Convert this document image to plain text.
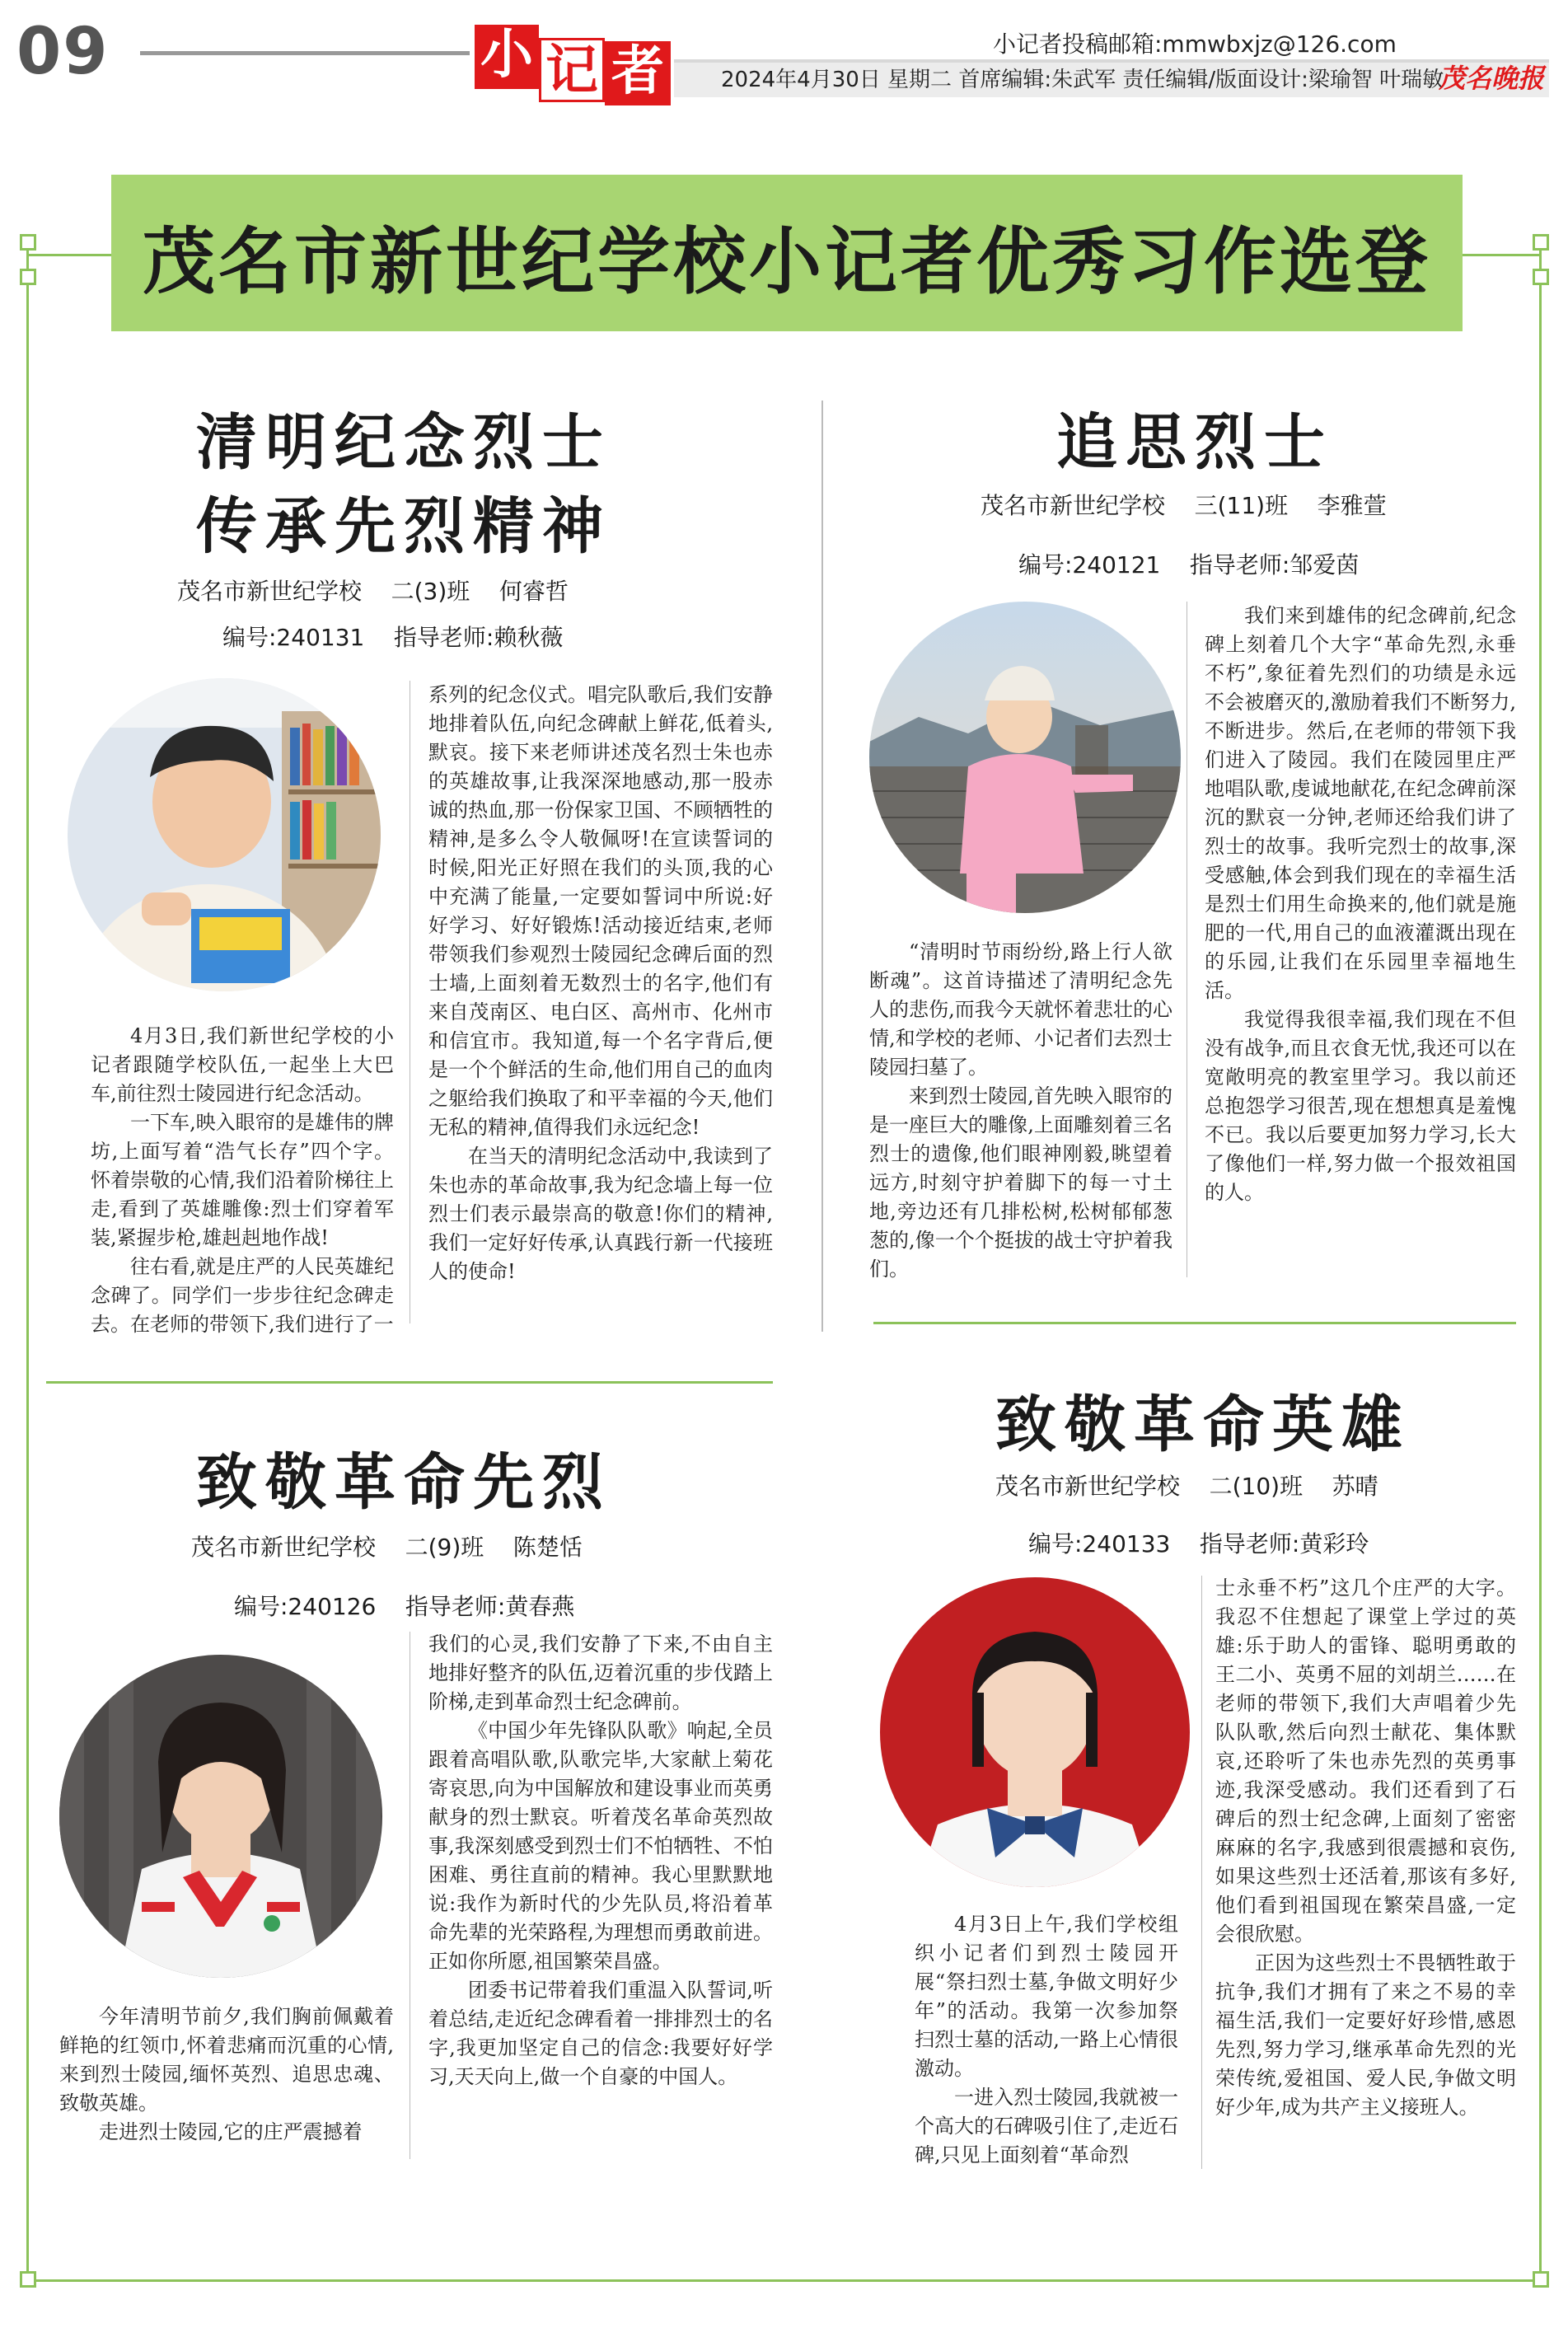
09	小 记 者	小记者投稿邮箱:mmwbxjz@126.com
2024年4月30日 星期二 首席编辑:朱武军 责任编辑/版面设计:梁瑜智 叶瑞敏
茂名晚报
茂名市新世纪学校小记者优秀习作选登
清明纪念烈士
传承先烈精神
茂名市新世纪学校    二(3)班    何睿哲
编号:240131    指导老师:赖秋薇

4月3日,我们新世纪学校的小记者跟随学校队伍,一起坐上大巴车,前往烈士陵园进行纪念活动。

一下车,映入眼帘的是雄伟的牌坊,上面写着“浩气长存”四个字。怀着崇敬的心情,我们沿着阶梯往上走,看到了英雄雕像:烈士们穿着军装,紧握步枪,雄赳赳地作战!

往右看,就是庄严的人民英雄纪念碑了。同学们一步步往纪念碑走去。在老师的带领下,我们进行了一

系列的纪念仪式。唱完队歌后,我们安静地排着队伍,向纪念碑献上鲜花,低着头,默哀。接下来老师讲述茂名烈士朱也赤的英雄故事,让我深深地感动,那一股赤诚的热血,那一份保家卫国、不顾牺牲的精神,是多么令人敬佩呀!在宣读誓词的时候,阳光正好照在我们的头顶,我的心中充满了能量,一定要如誓词中所说:好好学习、好好锻炼!活动接近结束,老师带领我们参观烈士陵园纪念碑后面的烈士墙,上面刻着无数烈士的名字,他们有来自茂南区、电白区、高州市、化州市和信宜市。我知道,每一个名字背后,便是一个个鲜活的生命,他们用自己的血肉之躯给我们换取了和平幸福的今天,他们无私的精神,值得我们永远纪念!

在当天的清明纪念活动中,我读到了朱也赤的革命故事,我为纪念墙上每一位烈士们表示最崇高的敬意!你们的精神,我们一定好好传承,认真践行新一代接班人的使命!

追思烈士
茂名市新世纪学校    三(11)班    李雅萱
编号:240121    指导老师:邹爱茵

“清明时节雨纷纷,路上行人欲断魂”。这首诗描述了清明纪念先人的悲伤,而我今天就怀着悲壮的心情,和学校的老师、小记者们去烈士陵园扫墓了。

来到烈士陵园,首先映入眼帘的是一座巨大的雕像,上面雕刻着三名烈士的遗像,他们眼神刚毅,眺望着远方,时刻守护着脚下的每一寸土地,旁边还有几排松树,松树郁郁葱葱的,像一个个挺拔的战士守护着我们。

我们来到雄伟的纪念碑前,纪念碑上刻着几个大字“革命先烈,永垂不朽”,象征着先烈们的功绩是永远不会被磨灭的,激励着我们不断努力,不断进步。然后,在老师的带领下我们进入了陵园。我们在陵园里庄严地唱队歌,虔诚地献花,在纪念碑前深沉的默哀一分钟,老师还给我们讲了烈士的故事。我听完烈士的故事,深受感触,体会到我们现在的幸福生活是烈士们用生命换来的,他们就是施肥的一代,用自己的血液灌溉出现在的乐园,让我们在乐园里幸福地生活。

我觉得我很幸福,我们现在不但没有战争,而且衣食无忧,我还可以在宽敞明亮的教室里学习。我以前还总抱怨学习很苦,现在想想真是羞愧不已。我以后要更加努力学习,长大了像他们一样,努力做一个报效祖国的人。

致敬革命先烈
茂名市新世纪学校    二(9)班    陈楚恬
编号:240126    指导老师:黄春燕

今年清明节前夕,我们胸前佩戴着鲜艳的红领巾,怀着悲痛而沉重的心情,来到烈士陵园,缅怀英烈、追思忠魂、致敬英雄。

走进烈士陵园,它的庄严震撼着

我们的心灵,我们安静了下来,不由自主地排好整齐的队伍,迈着沉重的步伐踏上阶梯,走到革命烈士纪念碑前。

《中国少年先锋队队歌》响起,全员跟着高唱队歌,队歌完毕,大家献上菊花寄哀思,向为中国解放和建设事业而英勇献身的烈士默哀。听着茂名革命英烈故事,我深刻感受到烈士们不怕牺牲、不怕困难、勇往直前的精神。我心里默默地说:我作为新时代的少先队员,将沿着革命先辈的光荣路程,为理想而勇敢前进。正如你所愿,祖国繁荣昌盛。

团委书记带着我们重温入队誓词,听着总结,走近纪念碑看着一排排烈士的名字,我更加坚定自己的信念:我要好好学习,天天向上,做一个自豪的中国人。

致敬革命英雄
茂名市新世纪学校    二(10)班    苏晴
编号:240133    指导老师:黄彩玲

4月3日上午,我们学校组织小记者们到烈士陵园开展“祭扫烈士墓,争做文明好少年”的活动。我第一次参加祭扫烈士墓的活动,一路上心情很激动。

一进入烈士陵园,我就被一个高大的石碑吸引住了,走近石碑,只见上面刻着“革命烈

士永垂不朽”这几个庄严的大字。我忍不住想起了课堂上学过的英雄:乐于助人的雷锋、聪明勇敢的王二小、英勇不屈的刘胡兰……在老师的带领下,我们大声唱着少先队队歌,然后向烈士献花、集体默哀,还聆听了朱也赤先烈的英勇事迹,我深受感动。我们还看到了石碑后的烈士纪念碑,上面刻了密密麻麻的名字,我感到很震撼和哀伤,如果这些烈士还活着,那该有多好,他们看到祖国现在繁荣昌盛,一定会很欣慰。

正因为这些烈士不畏牺牲敢于抗争,我们才拥有了来之不易的幸福生活,我们一定要好好珍惜,感恩先烈,努力学习,继承革命先烈的光荣传统,爱祖国、爱人民,争做文明好少年,成为共产主义接班人。
